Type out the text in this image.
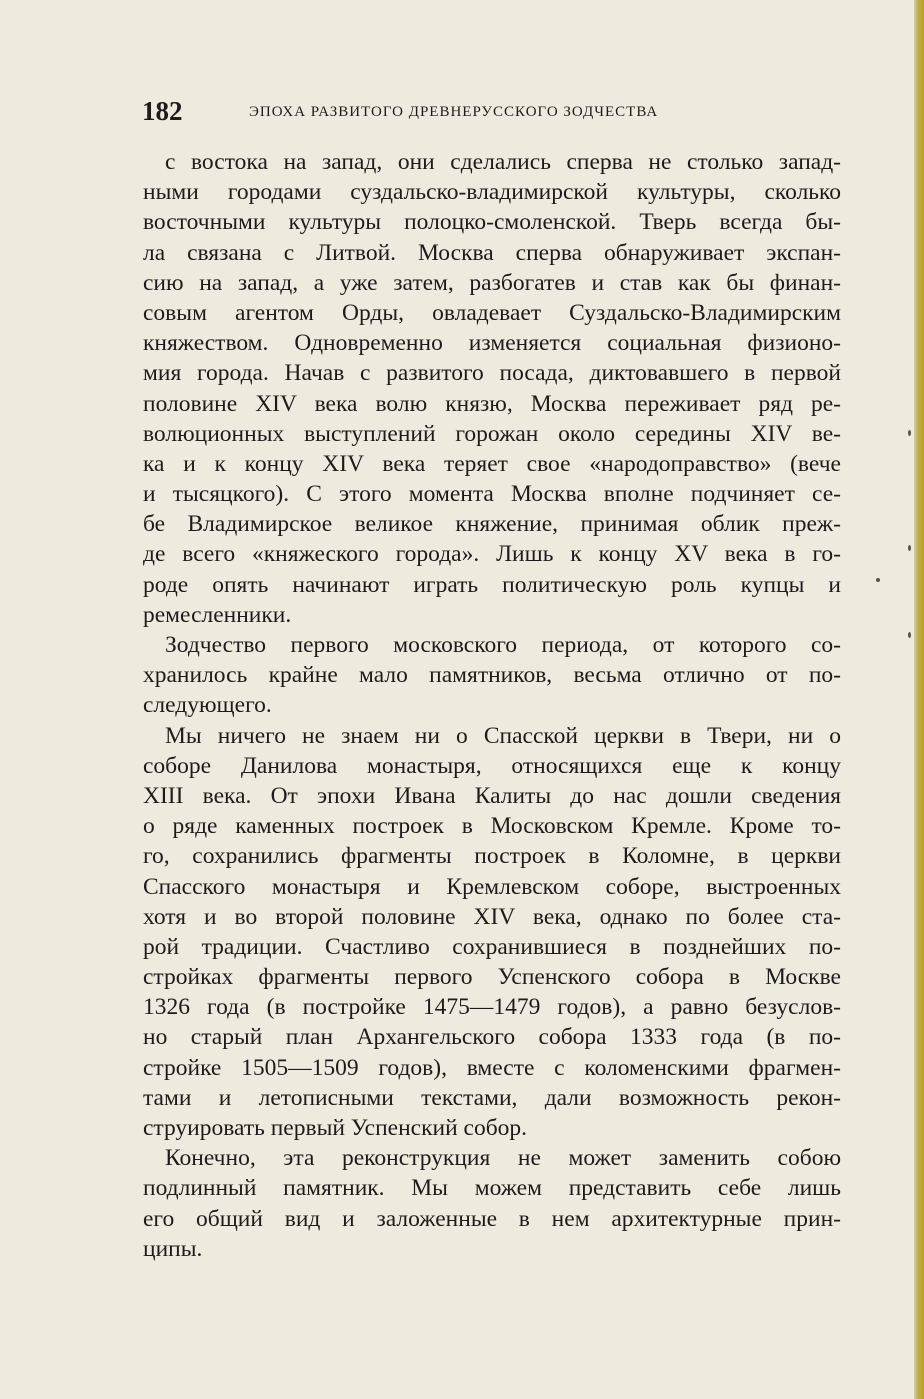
182	ЭПОХА РАЗВИТОГО ДРЕВНЕРУССКОГО ЗОДЧЕСТВА
с востока на запад, они сделались сперва не столько запад-
ными городами суздальско-владимирской культуры, сколько
восточными культуры полоцко-смоленской. Тверь всегда бы-
ла связана с Литвой. Москва сперва обнаруживает экспан-
сию на запад, а уже затем, разбогатев и став как бы финан-
совым агентом Орды, овладевает Суздальско-Владимирским
княжеством. Одновременно изменяется социальная физионо-
мия города. Начав с развитого посада, диктовавшего в первой
половине XIV века волю князю, Москва переживает ряд ре-
волюционных выступлений горожан около середины XIV ве-
ка и к концу XIV века теряет свое «народоправство» (вече
и тысяцкого). С этого момента Москва вполне подчиняет се-
бе Владимирское великое княжение, принимая облик преж-
де всего «княжеского города». Лишь к концу XV века в го-
роде опять начинают играть политическую роль купцы и
ремесленники.
Зодчество первого московского периода, от которого со-
хранилось крайне мало памятников, весьма отлично от по-
следующего.
Мы ничего не знаем ни о Спасской церкви в Твери, ни о
соборе Данилова монастыря, относящихся еще к концу
XIII века. От эпохи Ивана Калиты до нас дошли сведения
о ряде каменных построек в Московском Кремле. Кроме то-
го, сохранились фрагменты построек в Коломне, в церкви
Спасского монастыря и Кремлевском соборе, выстроенных
хотя и во второй половине XIV века, однако по более ста-
рой традиции. Счастливо сохранившиеся в позднейших по-
стройках фрагменты первого Успенского собора в Москве
1326 года (в постройке 1475—1479 годов), а равно безуслов-
но старый план Архангельского собора 1333 года (в по-
стройке 1505—1509 годов), вместе с коломенскими фрагмен-
тами и летописными текстами, дали возможность рекон-
струировать первый Успенский собор.
Конечно, эта реконструкция не может заменить собою
подлинный памятник. Мы можем представить себе лишь
его общий вид и заложенные в нем архитектурные прин-
ципы.
